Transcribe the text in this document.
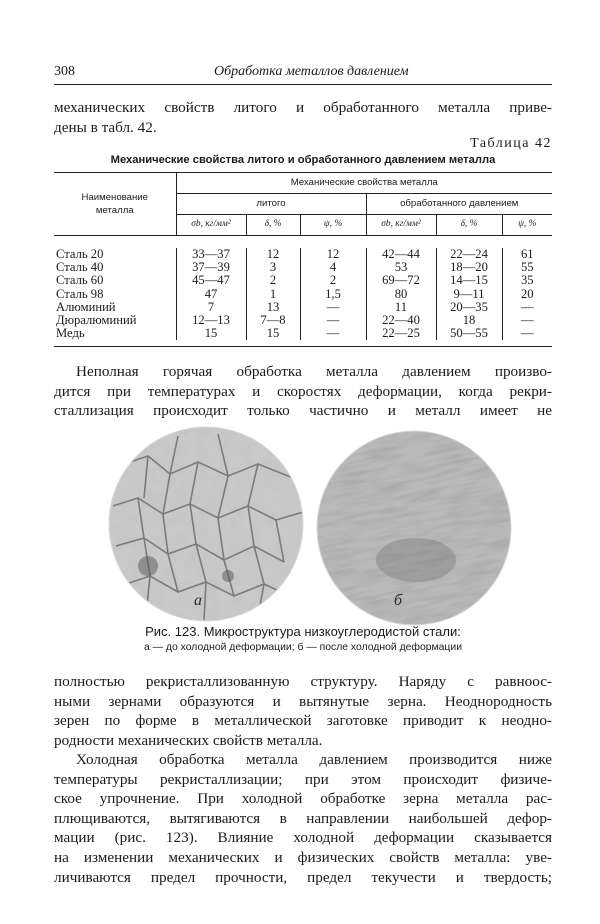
308	Обработка металлов давлением
механических свойств литого и обработанного металла приве-
дены в табл. 42.
Таблица 42
Механические свойства литого и обработанного давлением металла
Наименование
металла	Механические свойства металла					
	литого			обработанного давлением		
	σb, кг/мм²	δ, %	ψ, %	σb, кг/мм²	δ, %	ψ, %

Сталь 20	33—37	12	12	42—44	22—24	61
Сталь 40	37—39	3	4	53	18—20	55
Сталь 60	45—47	2	2	69—72	14—15	35
Сталь 98	47	1	1,5	80	9—11	20
Алюминий	7	13	—	11	20—35	—
Дюралюминий	12—13	7—8	—	22—40	18	—
Медь	15	15	—	22—25	50—55	—

Неполная горячая обработка металла давлением произво-
дится при температурах и скоростях деформации, когда рекри-
сталлизация происходит только частично и металл имеет не
а	б
Рис. 123. Микроструктура низкоуглеродистой стали:
а — до холодной деформации; б — после холодной деформации
полностью рекристаллизованную структуру. Наряду с равноос-
ными зернами образуются и вытянутые зерна. Неоднородность
зерен по форме в металлической заготовке приводит к неодно-
родности механических свойств металла.
Холодная обработка металла давлением производится ниже
температуры рекристаллизации; при этом происходит физиче-
ское упрочнение. При холодной обработке зерна металла рас-
плющиваются, вытягиваются в направлении наибольшей дефор-
мации (рис. 123). Влияние холодной деформации сказывается
на изменении механических и физических свойств металла: уве-
личиваются предел прочности, предел текучести и твердость;
